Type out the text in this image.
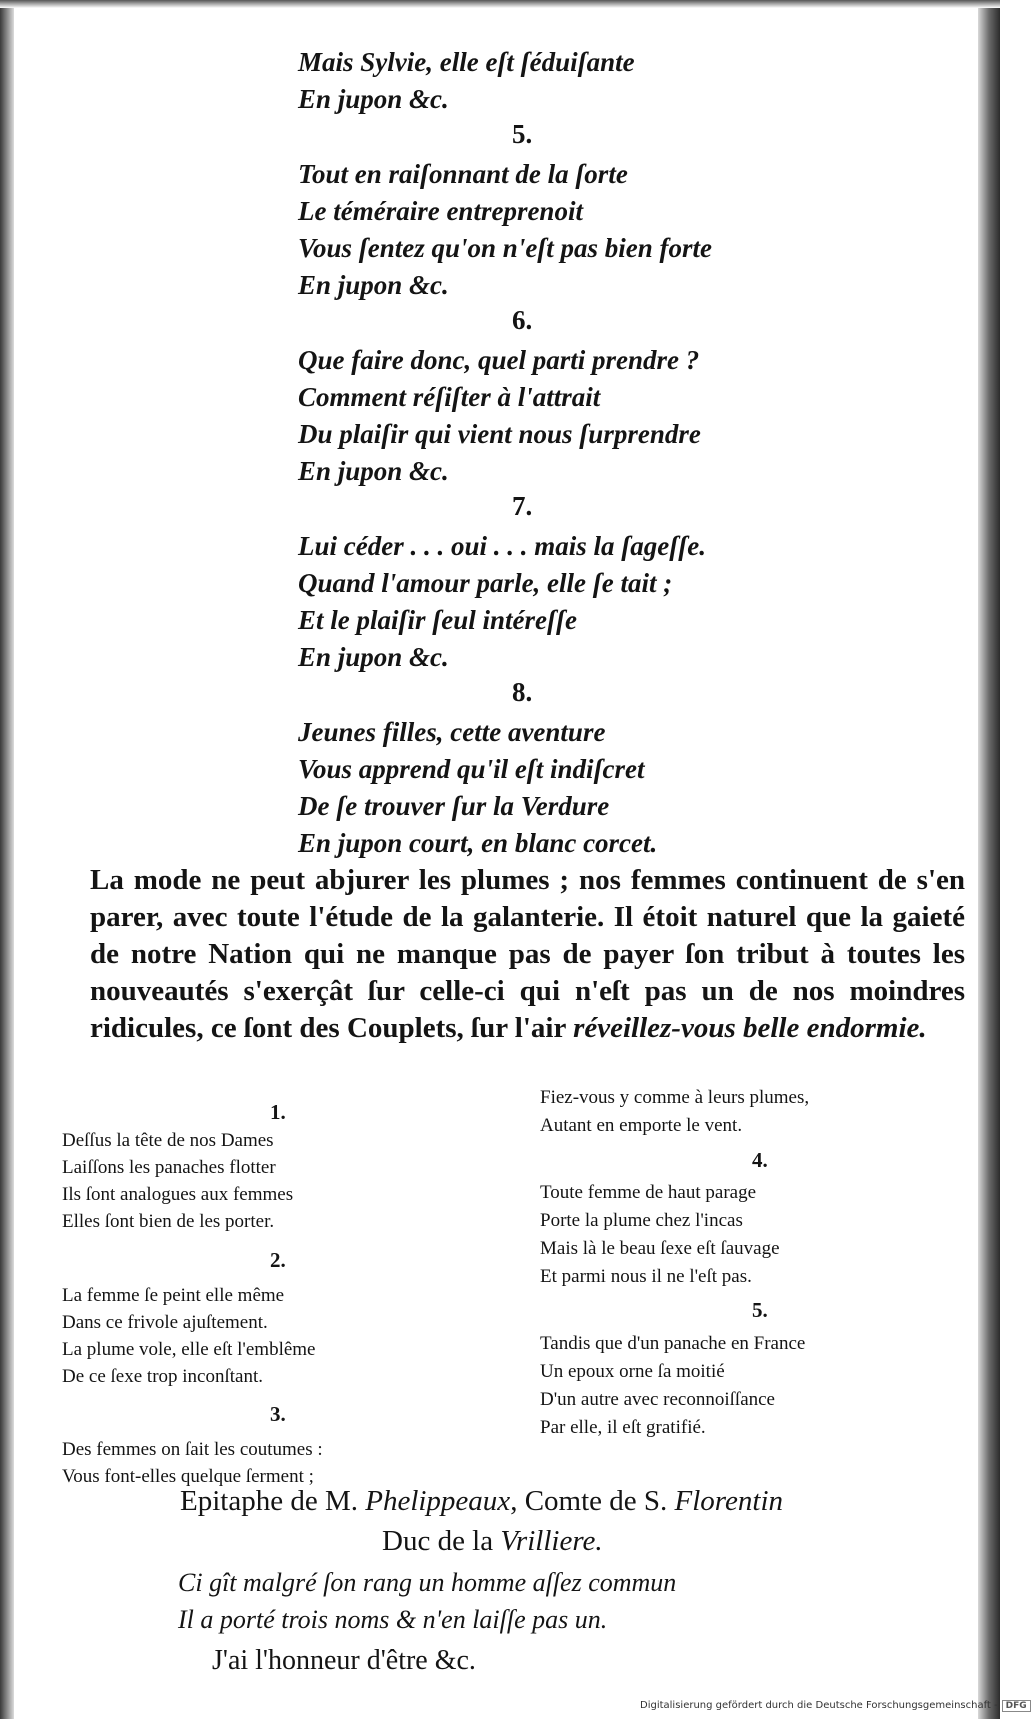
Mais Sylvie, elle eſt ſéduiſante
En jupon &c.
5.
Tout en raiſonnant de la ſorte
Le téméraire entreprenoit
Vous ſentez qu'on n'eſt pas bien forte
En jupon &c.
6.
Que faire donc, quel parti prendre ?
Comment réſiſter à l'attrait
Du plaiſir qui vient nous ſurprendre
En jupon &c.
7.
Lui céder . . . oui . . . mais la ſageſſe.
Quand l'amour parle, elle ſe tait ;
Et le plaiſir ſeul intéreſſe
En jupon &c.
8.
Jeunes filles, cette aventure
Vous apprend qu'il eſt indiſcret
De ſe trouver ſur la Verdure
En jupon court, en blanc corcet.
La mode ne peut abjurer les plumes ; nos femmes continuent de s'en parer, avec toute l'étude de la galanterie. Il étoit naturel que la gaieté de notre Nation qui ne manque pas de payer ſon tribut à toutes les nouveautés s'exerçât ſur celle-ci qui n'eſt pas un de nos moindres ridicules, ce ſont des Couplets, ſur l'air réveillez-vous belle endormie.
1.
Deſſus la tête de nos Dames
Laiſſons les panaches flotter
Ils ſont analogues aux femmes
Elles ſont bien de les porter.
2.
La femme ſe peint elle même
Dans ce frivole ajuſtement.
La plume vole, elle eſt l'emblême
De ce ſexe trop inconſtant.
3.
Des femmes on ſait les coutumes :
Vous font-elles quelque ſerment ;
Fiez-vous y comme à leurs plumes,
Autant en emporte le vent.
4.
Toute femme de haut parage
Porte la plume chez l'incas
Mais là le beau ſexe eſt ſauvage
Et parmi nous il ne l'eſt pas.
5.
Tandis que d'un panache en France
Un epoux orne ſa moitié
D'un autre avec reconnoiſſance
Par elle, il eſt gratifié.
Epitaphe de M. Phelippeaux, Comte de S. Florentin
Duc de la Vrilliere.
Ci gît malgré ſon rang un homme aſſez commun
Il a porté trois noms & n'en laiſſe pas un.
J'ai l'honneur d'être &c.
Digitalisierung gefördert durch die Deutsche Forschungsgemeinschaft - DFG
